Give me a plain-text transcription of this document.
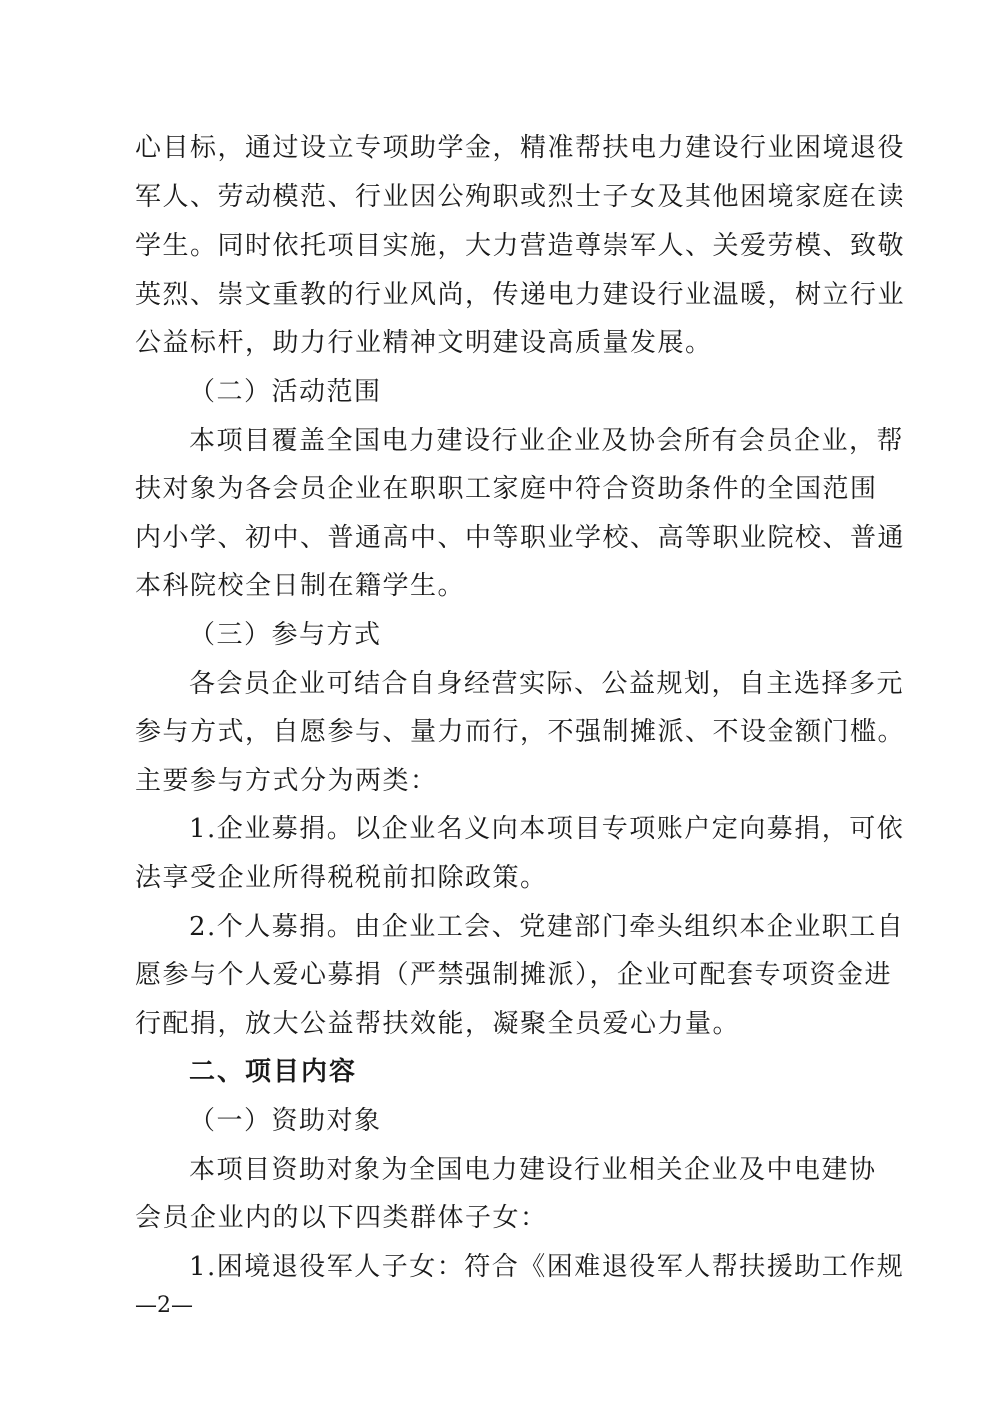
心目标，通过设立专项助学金，精准帮扶电力建设行业困境退役
军人、劳动模范、行业因公殉职或烈士子女及其他困境家庭在读
学生。同时依托项目实施，大力营造尊崇军人、关爱劳模、致敬
英烈、崇文重教的行业风尚，传递电力建设行业温暖，树立行业
公益标杆，助力行业精神文明建设高质量发展。
（二）活动范围
本项目覆盖全国电力建设行业企业及协会所有会员企业，帮
扶对象为各会员企业在职职工家庭中符合资助条件的全国范围
内小学、初中、普通高中、中等职业学校、高等职业院校、普通
本科院校全日制在籍学生。
（三）参与方式
各会员企业可结合自身经营实际、公益规划，自主选择多元
参与方式，自愿参与、量力而行，不强制摊派、不设金额门槛。
主要参与方式分为两类：
1.企业募捐。以企业名义向本项目专项账户定向募捐，可依
法享受企业所得税税前扣除政策。
2.个人募捐。由企业工会、党建部门牵头组织本企业职工自
愿参与个人爱心募捐（严禁强制摊派），企业可配套专项资金进
行配捐，放大公益帮扶效能，凝聚全员爱心力量。
二、项目内容
（一）资助对象
本项目资助对象为全国电力建设行业相关企业及中电建协
会员企业内的以下四类群体子女：
1.困境退役军人子女：符合《困难退役军人帮扶援助工作规
—2—
